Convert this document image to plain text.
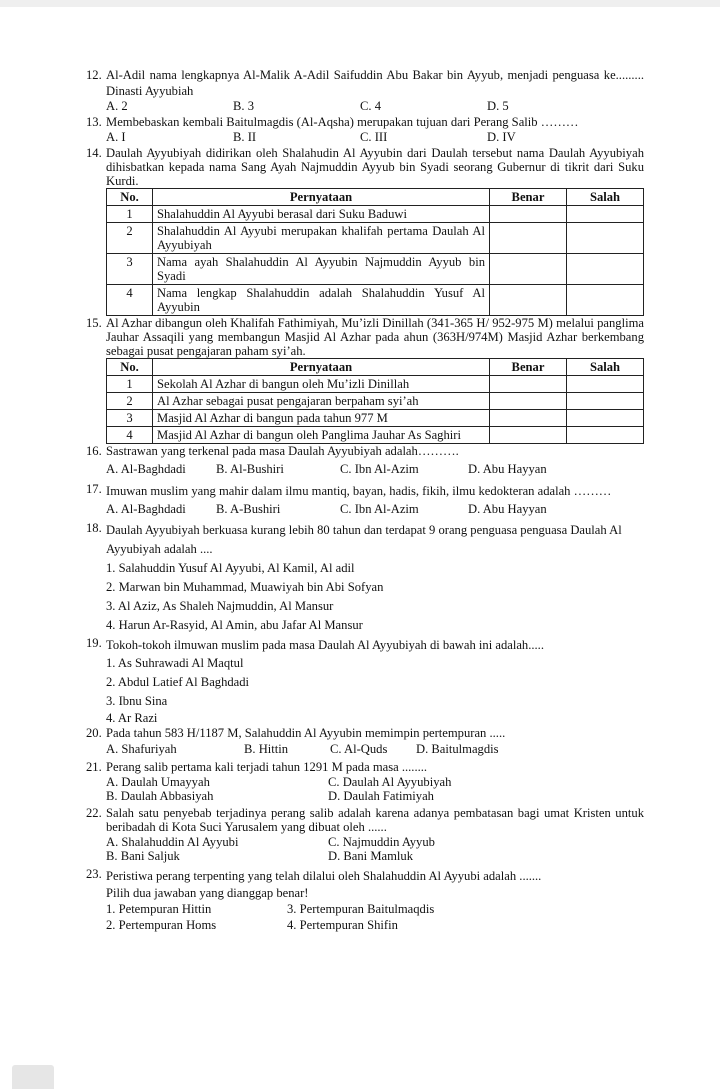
12. Al-Adil nama lengkapnya Al-Malik A-Adil Saifuddin Abu Bakar bin Ayyub, menjadi penguasa ke......... Dinasti Ayyubiah
A. 2	B. 3	C. 4	D. 5
13. Membebaskan kembali Baitulmagdis (Al-Aqsha) merupakan tujuan dari Perang Salib ………
A. I	B. II	C. III	D. IV
14. Daulah Ayyubiyah didirikan oleh Shalahudin Al Ayyubin dari Daulah tersebut nama Daulah Ayyubiyah dihisbatkan kepada nama Sang Ayah Najmuddin Ayyub bin Syadi seorang Gubernur di tikrit dari Suku Kurdi.
No.	Pernyataan	Benar	Salah
1	Shalahuddin Al Ayyubi berasal dari Suku Baduwi		
2	Shalahuddin Al Ayyubi merupakan khalifah pertama Daulah Al Ayyubiyah		
3	Nama ayah Shalahuddin Al Ayyubin Najmuddin Ayyub bin Syadi		
4	Nama lengkap Shalahuddin adalah Shalahuddin Yusuf Al Ayyubin		
15. Al Azhar dibangun oleh Khalifah Fathimiyah, Mu’izli Dinillah (341-365 H/ 952-975 M) melalui panglima Jauhar Assaqili yang membangun Masjid Al Azhar pada ahun (363H/974M) Masjid Azhar berkembang sebagai pusat pengajaran paham syi’ah.
No.	Pernyataan	Benar	Salah
1	Sekolah Al Azhar di bangun oleh Mu’izli Dinillah		
2	Al Azhar sebagai pusat pengajaran berpaham syi’ah		
3	Masjid Al Azhar di bangun pada tahun 977 M		
4	Masjid Al Azhar di bangun oleh Panglima Jauhar As Saghiri		
16. Sastrawan yang terkenal pada masa Daulah Ayyubiyah adalah……….
A. Al-Baghdadi	B. Al-Bushiri	C. Ibn Al-Azim	D. Abu Hayyan
17. Imuwan muslim yang mahir dalam ilmu mantiq, bayan, hadis, fikih, ilmu kedokteran adalah ………
A. Al-Baghdadi	B. A-Bushiri	C. Ibn Al-Azim	D. Abu Hayyan
18. Daulah Ayyubiyah berkuasa kurang lebih 80 tahun dan terdapat 9 orang penguasa penguasa Daulah Al Ayyubiyah adalah ....
1. Salahuddin Yusuf Al Ayyubi, Al Kamil, Al adil
2. Marwan bin Muhammad, Muawiyah bin Abi Sofyan
3. Al Aziz, As Shaleh Najmuddin, Al Mansur
4. Harun Ar-Rasyid, Al Amin, abu Jafar Al Mansur
19. Tokoh-tokoh ilmuwan muslim pada masa Daulah Al Ayyubiyah di bawah ini adalah.....
1. As Suhrawadi Al Maqtul
2. Abdul Latief Al Baghdadi
3. Ibnu Sina
4. Ar Razi
20. Pada tahun 583 H/1187 M, Salahuddin Al Ayyubin memimpin pertempuran .....
A. Shafuriyah	B. Hittin	C. Al-Quds	D. Baitulmagdis
21. Perang salib pertama kali terjadi tahun 1291 M pada masa ........
A. Daulah Umayyah	C. Daulah Al Ayyubiyah
B. Daulah Abbasiyah	D. Daulah Fatimiyah
22. Salah satu penyebab terjadinya perang salib adalah karena adanya pembatasan bagi umat Kristen untuk beribadah di Kota Suci Yarusalem yang dibuat oleh ......
A. Shalahuddin Al Ayyubi	C. Najmuddin Ayyub
B. Bani Saljuk	D. Bani Mamluk
23. Peristiwa perang terpenting yang telah dilalui oleh Shalahuddin Al Ayyubi adalah .......
Pilih dua jawaban yang dianggap benar!
1. Petempuran Hittin	3. Pertempuran Baitulmaqdis
2. Pertempuran Homs	4. Pertempuran Shifin
